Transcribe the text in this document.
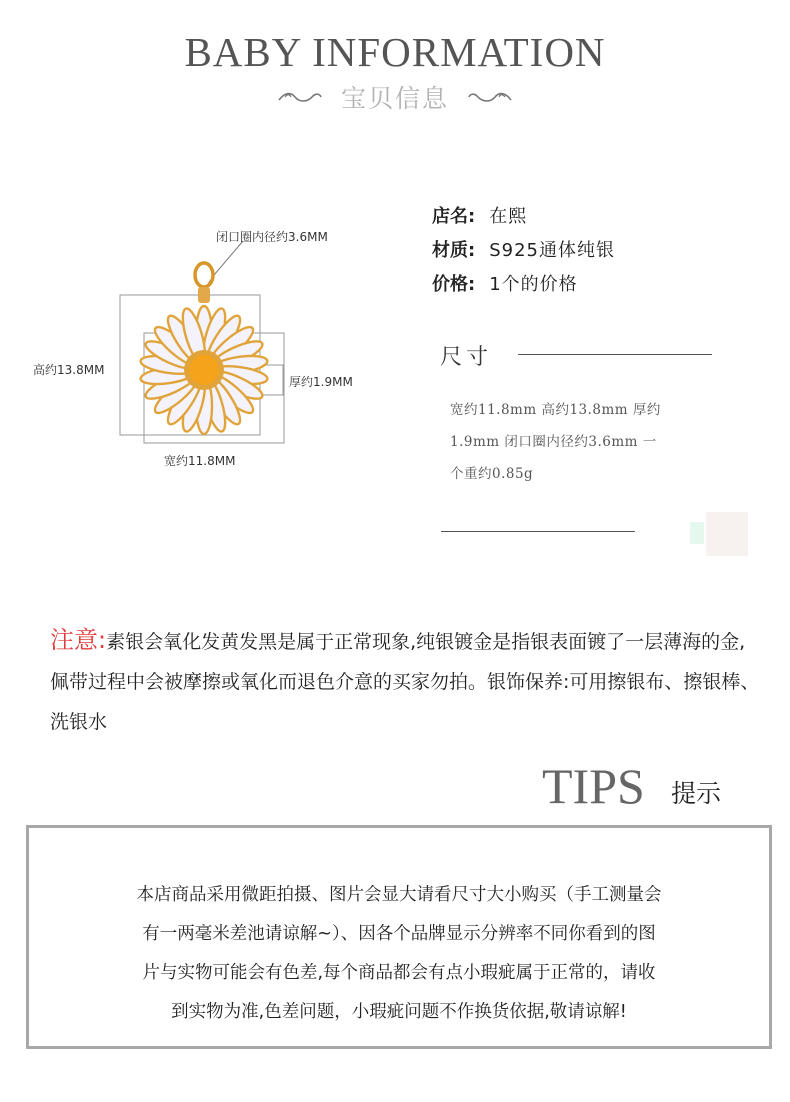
BABY INFORMATION
宝贝信息
闭口圈内径约3.6MM
高约13.8MM
厚约1.9MM
宽约11.8MM
店名: 在熙
材质: S925通体纯银
价格: 1个的价格
尺寸
宽约11.8mm 高约13.8mm 厚约
1.9mm 闭口圈内径约3.6mm 一
个重约0.85g
注意:素银会氧化发黄发黑是属于正常现象,纯银镀金是指银表面镀了一层薄海的金,佩带过程中会被摩擦或氧化而退色介意的买家勿拍。银饰保养:可用擦银布、擦银棒、洗银水
TIPS 提示
本店商品采用微距拍摄、图片会显大请看尺寸大小购买（手工测量会
有一两毫米差池请谅解~）、因各个品牌显示分辨率不同你看到的图
片与实物可能会有色差,每个商品都会有点小瑕疵属于正常的，请收
到实物为准,色差问题，小瑕疵问题不作换货依据,敬请谅解!
